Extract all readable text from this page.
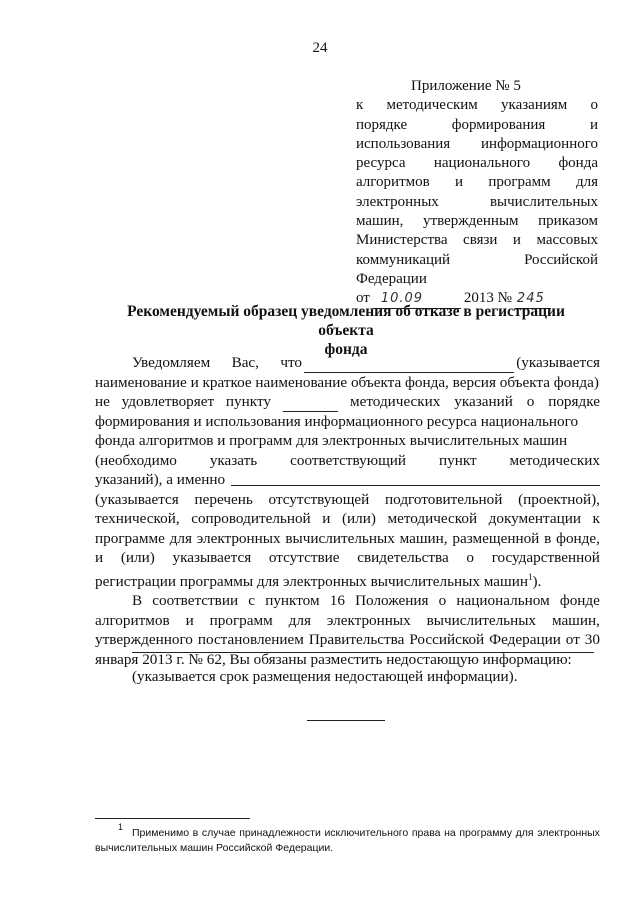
24
Приложение № 5
к методическим указаниям о
порядке	формирования	и
использования информационного
ресурса национального фонда
алгоритмов и программ для
электронных	вычислительных
машин, утвержденным приказом
Министерства связи и массовых
коммуникаций	Российской
Федерации
от 10.09	2013 № 245
Рекомендуемый образец уведомления об отказе в регистрации объекта
фонда
Уведомляем Вас, что	(указывается
наименование и краткое наименование объекта фонда, версия объекта фонда)
не удовлетворяет пункту	методических указаний о порядке
формирования и использования информационного ресурса национального
фонда алгоритмов и программ для электронных вычислительных машин
(необходимо указать соответствующий пункт методических
указаний), а именно
(указывается перечень отсутствующей подготовительной (проектной),
технической, сопроводительной и (или) методической документации к
программе для электронных вычислительных машин, размещенной в фонде,
и (или) указывается отсутствие свидетельства о государственной
регистрации программы для электронных вычислительных машин$^1$).
В соответствии с пунктом 16 Положения о национальном фонде
алгоритмов и программ для электронных вычислительных машин,
утвержденного постановлением Правительства Российской Федерации от 30
января 2013 г. № 62, Вы обязаны разместить недостающую информацию:
(указывается срок размещения недостающей информации).
Применимо в случае принадлежности исключительного права на программу для электронных
вычислительных машин Российской Федерации.
1
